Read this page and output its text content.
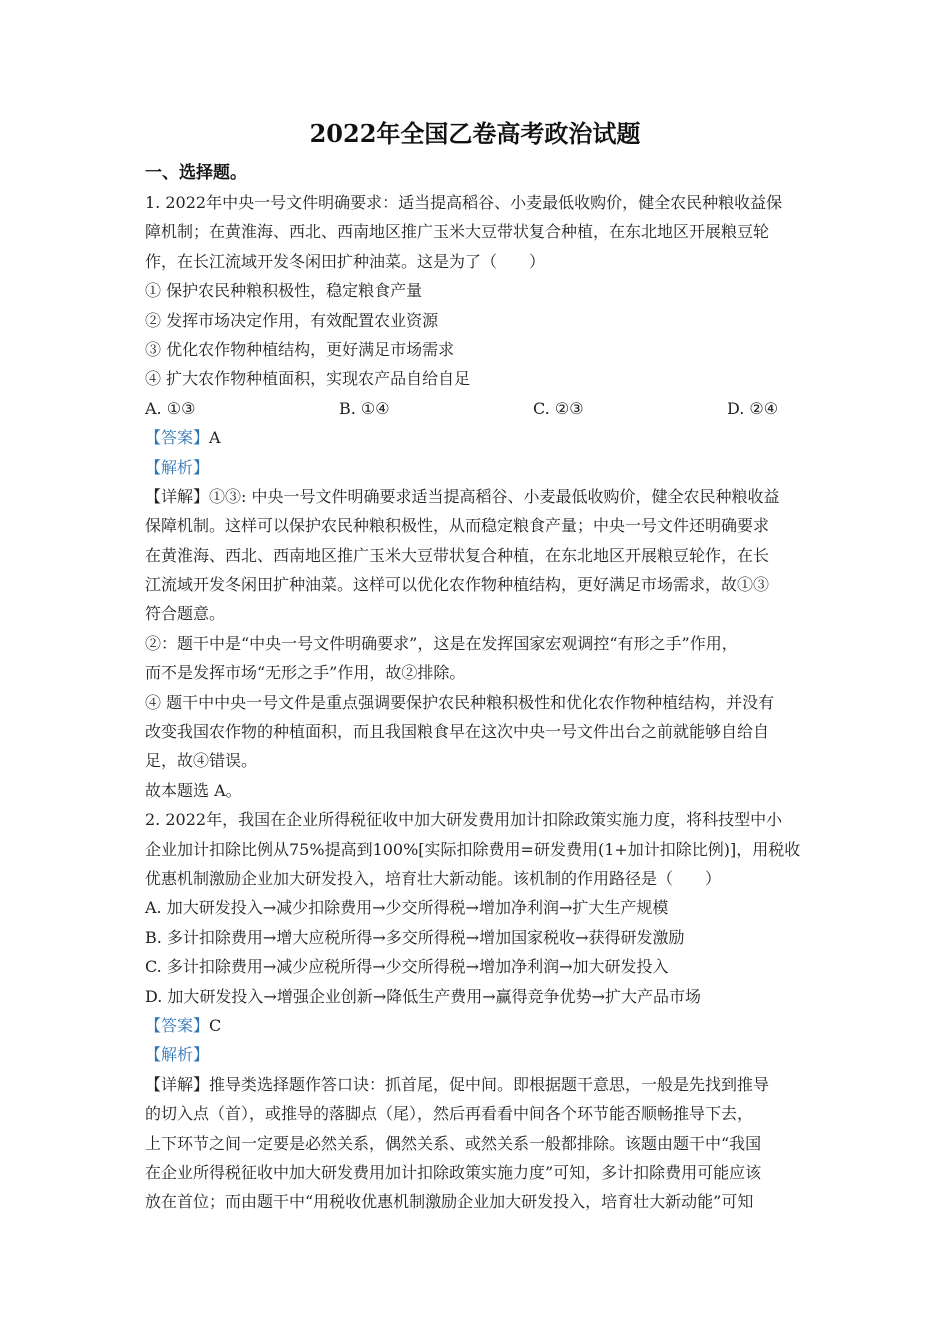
2022年全国乙卷高考政治试题
一、选择题。
1. 2022年中央一号文件明确要求：适当提高稻谷、小麦最低收购价，健全农民种粮收益保
障机制；在黄淮海、西北、西南地区推广玉米大豆带状复合种植，在东北地区开展粮豆轮
作，在长江流域开发冬闲田扩种油菜。这是为了（　　）
① 保护农民种粮积极性，稳定粮食产量
② 发挥市场决定作用，有效配置农业资源
③ 优化农作物种植结构，更好满足市场需求
④ 扩大农作物种植面积，实现农产品自给自足
A. ①③	B. ①④	C. ②③	D. ②④
【答案】A
【解析】
【详解】①③: 中央一号文件明确要求适当提高稻谷、小麦最低收购价，健全农民种粮收益
保障机制。这样可以保护农民种粮积极性，从而稳定粮食产量；中央一号文件还明确要求
在黄淮海、西北、西南地区推广玉米大豆带状复合种植，在东北地区开展粮豆轮作，在长
江流域开发冬闲田扩种油菜。这样可以优化农作物种植结构，更好满足市场需求，故①③
符合题意。
②：题干中是“中央一号文件明确要求”，这是在发挥国家宏观调控“有形之手”作用，
而不是发挥市场“无形之手”作用，故②排除。
④ 题干中中央一号文件是重点强调要保护农民种粮积极性和优化农作物种植结构，并没有
改变我国农作物的种植面积，而且我国粮食早在这次中央一号文件出台之前就能够自给自
足，故④错误。
故本题选 A。
2. 2022年，我国在企业所得税征收中加大研发费用加计扣除政策实施力度，将科技型中小
企业加计扣除比例从75%提高到100%[实际扣除费用=研发费用(1+加计扣除比例)]，用税收
优惠机制激励企业加大研发投入，培育壮大新动能。该机制的作用路径是（　　）
A. 加大研发投入→减少扣除费用→少交所得税→增加净利润→扩大生产规模
B. 多计扣除费用→增大应税所得→多交所得税→增加国家税收→获得研发激励
C. 多计扣除费用→减少应税所得→少交所得税→增加净利润→加大研发投入
D. 加大研发投入→增强企业创新→降低生产费用→赢得竞争优势→扩大产品市场
【答案】C
【解析】
【详解】推导类选择题作答口诀：抓首尾，促中间。即根据题干意思，一般是先找到推导
的切入点（首），或推导的落脚点（尾），然后再看看中间各个环节能否顺畅推导下去，
上下环节之间一定要是必然关系，偶然关系、或然关系一般都排除。该题由题干中“我国
在企业所得税征收中加大研发费用加计扣除政策实施力度”可知，多计扣除费用可能应该
放在首位；而由题干中“用税收优惠机制激励企业加大研发投入，培育壮大新动能”可知
